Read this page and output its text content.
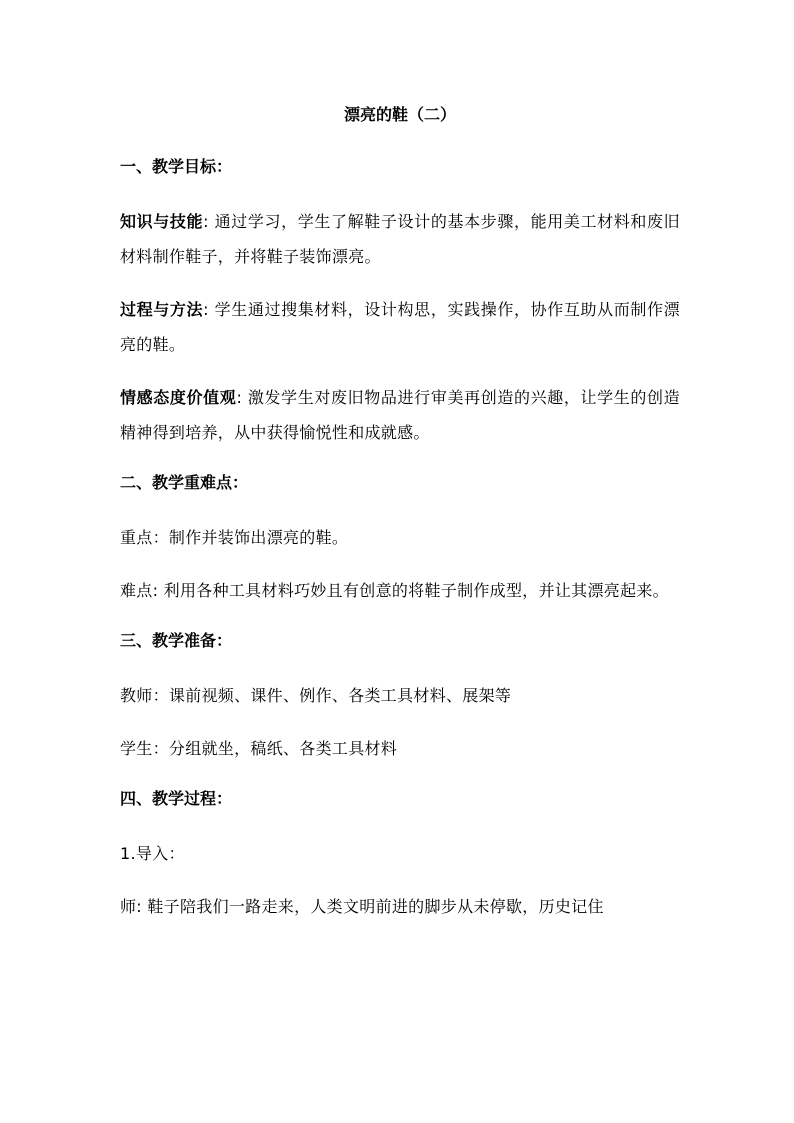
漂亮的鞋（二）
一、教学目标：
知识与技能: 通过学习，学生了解鞋子设计的基本步骤，能用美工材料和废旧材料制作鞋子，并将鞋子装饰漂亮。
过程与方法: 学生通过搜集材料，设计构思，实践操作，协作互助从而制作漂亮的鞋。
情感态度价值观: 激发学生对废旧物品进行审美再创造的兴趣，让学生的创造精神得到培养，从中获得愉悦性和成就感。
二、教学重难点：
重点：制作并装饰出漂亮的鞋。
难点: 利用各种工具材料巧妙且有创意的将鞋子制作成型，并让其漂亮起来。
三、教学准备：
教师：课前视频、课件、例作、各类工具材料、展架等
学生：分组就坐，稿纸、各类工具材料
四、教学过程：
1.导入：
师: 鞋子陪我们一路走来，人类文明前进的脚步从未停歇，历史记住
